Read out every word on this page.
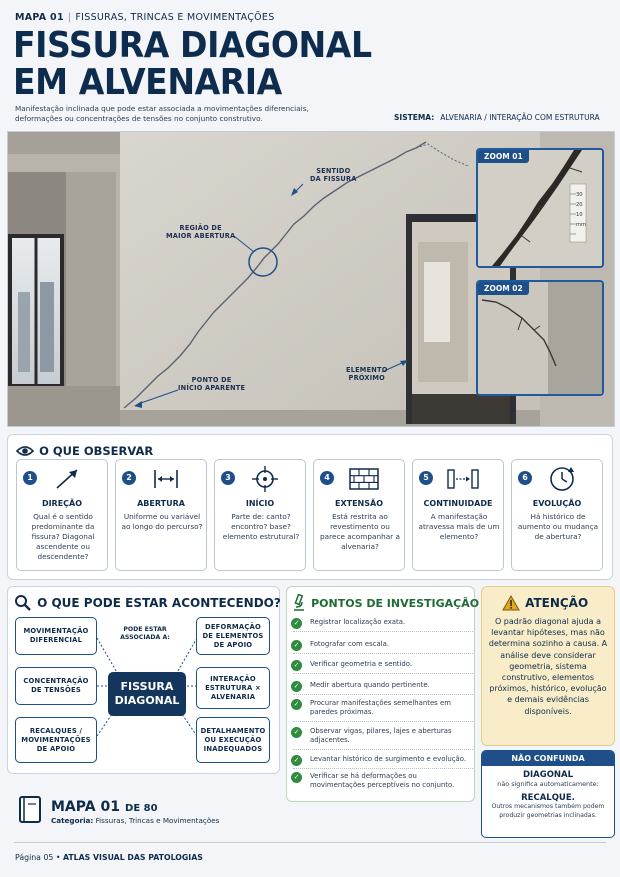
MAPA 01 | FISSURAS, TRINCAS E MOVIMENTAÇÕES
FISSURA DIAGONAL
EM ALVENARIA
Manifestação inclinada que pode estar associada a movimentações diferenciais, deformações ou concentrações de tensões no conjunto construtivo.	SISTEMA: ALVENARIA / INTERAÇÃO COM ESTRUTURA
SENTIDO
DA FISSURA
REGIÃO DE
MAIOR ABERTURA
PONTO DE
INÍCIO APARENTE
ELEMENTO
PRÓXIMO
ZOOM 01
30
20
10
mm
ZOOM 02
O QUE OBSERVAR
1
DIREÇÃO
Qual é o sentido predominante da fissura? Diagonal ascendente ou descendente?
2
ABERTURA
Uniforme ou variável ao longo do percurso?
3
INÍCIO
Parte de: canto? encontro? base? elemento estrutural?
4
EXTENSÃO
Está restrita ao revestimento ou parece acompanhar a alvenaria?
5
CONTINUIDADE
A manifestação atravessa mais de um elemento?
6
EVOLUÇÃO
Há histórico de aumento ou mudança de abertura?
O QUE PODE ESTAR ACONTECENDO?
MOVIMENTAÇÃO
DIFERENCIAL
CONCENTRAÇÃO
DE TENSÕES
RECALQUES /
MOVIMENTAÇÕES
DE APOIO
DEFORMAÇÃO
DE ELEMENTOS
DE APOIO
INTERAÇÃO
ESTRUTURA ×
ALVENARIA
DETALHAMENTO
OU EXECUÇÃO
INADEQUADOS
PODE ESTAR
ASSOCIADA A:
FISSURA
DIAGONAL
PONTOS DE INVESTIGAÇÃO
✓	Registrar localização exata.
✓	Fotografar com escala.
✓	Verificar geometria e sentido.
✓	Medir abertura quando pertinente.
✓	Procurar manifestações semelhantes em paredes próximas.
✓	Observar vigas, pilares, lajes e aberturas adjacentes.
✓	Levantar histórico de surgimento e evolução.
✓	Verificar se há deformações ou movimentações perceptíveis no conjunto.
ATENÇÃO
O padrão diagonal ajuda a levantar hipóteses, mas não determina sozinho a causa. A análise deve considerar geometria, sistema construtivo, elementos próximos, histórico, evolução e demais evidências disponíveis.
NÃO CONFUNDA
DIAGONAL
não significa automaticamente:
RECALQUE.
Outros mecanismos também podem produzir geometrias inclinadas.
MAPA 01 DE 80
Categoria: Fissuras, Trincas e Movimentações
Página 05 • ATLAS VISUAL DAS PATOLOGIAS
